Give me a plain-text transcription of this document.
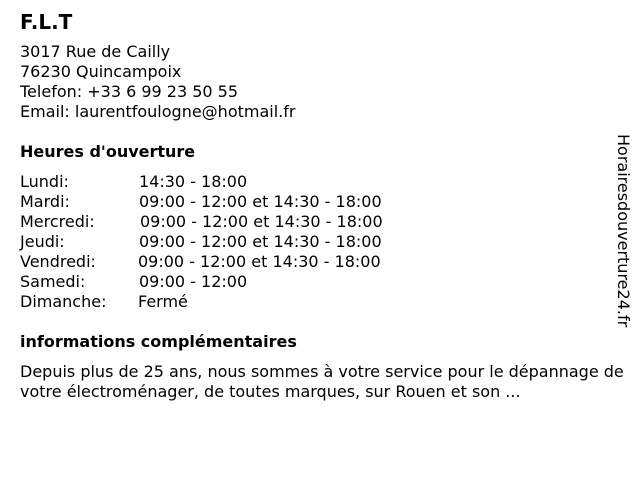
F.L.T
3017 Rue de Cailly
76230 Quincampoix
Telefon: +33 6 99 23 50 55
Email: laurentfoulogne@hotmail.fr
Heures d'ouverture
Lundi:	14:30 - 18:00
Mardi:	09:00 - 12:00 et 14:30 - 18:00
Mercredi:	09:00 - 12:00 et 14:30 - 18:00
Jeudi:	09:00 - 12:00 et 14:30 - 18:00
Vendredi:	09:00 - 12:00 et 14:30 - 18:00
Samedi:	09:00 - 12:00
Dimanche: Fermé
informations complémentaires
Depuis plus de 25 ans, nous sommes à votre service pour le dépannage de votre électroménager, de toutes marques, sur Rouen et son ...
Horairesdouverture24.fr
